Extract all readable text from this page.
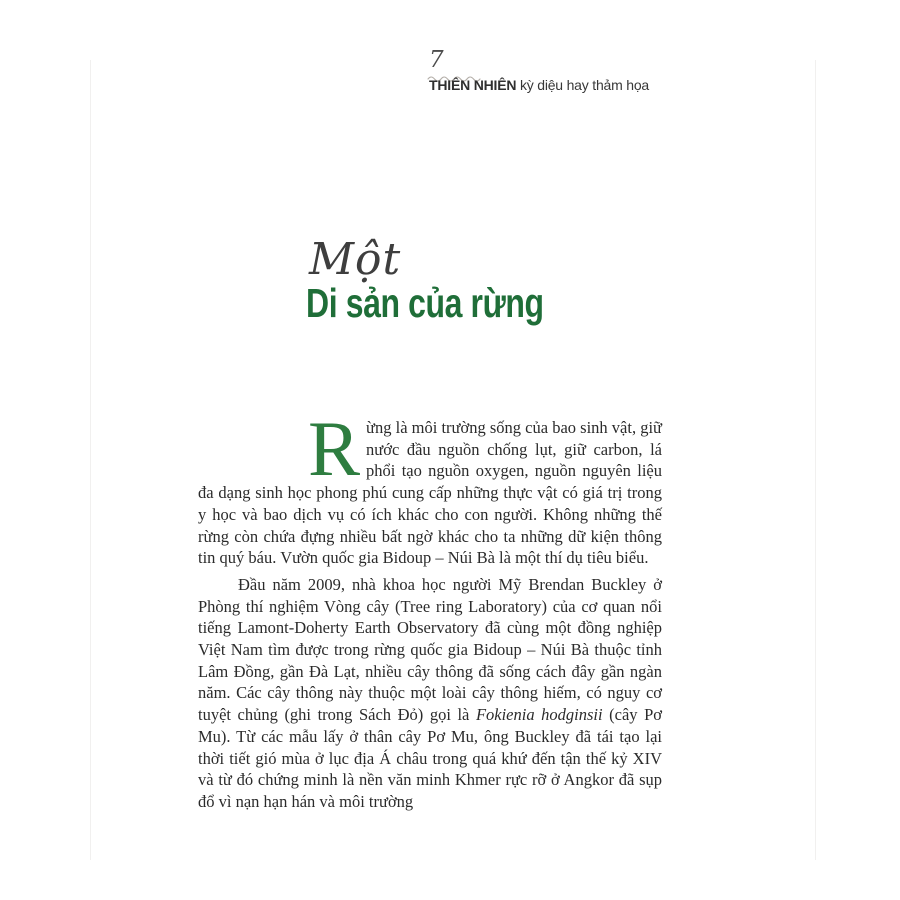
7
THIÊN NHIÊN kỳ diệu hay thảm họa
Một
Di sản của rừng

Rừng là môi trường sống của bao sinh vật, giữ nước đầu nguồn chống lụt, giữ carbon, lá phổi tạo nguồn oxygen, nguồn nguyên liệu đa dạng sinh học phong phú cung cấp những thực vật có giá trị trong y học và bao dịch vụ có ích khác cho con người. Không những thế rừng còn chứa đựng nhiều bất ngờ khác cho ta những dữ kiện thông tin quý báu. Vườn quốc gia Bidoup – Núi Bà là một thí dụ tiêu biểu.

Đầu năm 2009, nhà khoa học người Mỹ Brendan Buckley ở Phòng thí nghiệm Vòng cây (Tree ring Laboratory) của cơ quan nổi tiếng Lamont-Doherty Earth Observatory đã cùng một đồng nghiệp Việt Nam tìm được trong rừng quốc gia Bidoup – Núi Bà thuộc tỉnh Lâm Đồng, gần Đà Lạt, nhiều cây thông đã sống cách đây gần ngàn năm. Các cây thông này thuộc một loài cây thông hiếm, có nguy cơ tuyệt chủng (ghi trong Sách Đỏ) gọi là Fokienia hodginsii (cây Pơ Mu). Từ các mẫu lấy ở thân cây Pơ Mu, ông Buckley đã tái tạo lại thời tiết gió mùa ở lục địa Á châu trong quá khứ đến tận thế kỷ XIV và từ đó chứng minh là nền văn minh Khmer rực rỡ ở Angkor đã sụp đổ vì nạn hạn hán và môi trường
